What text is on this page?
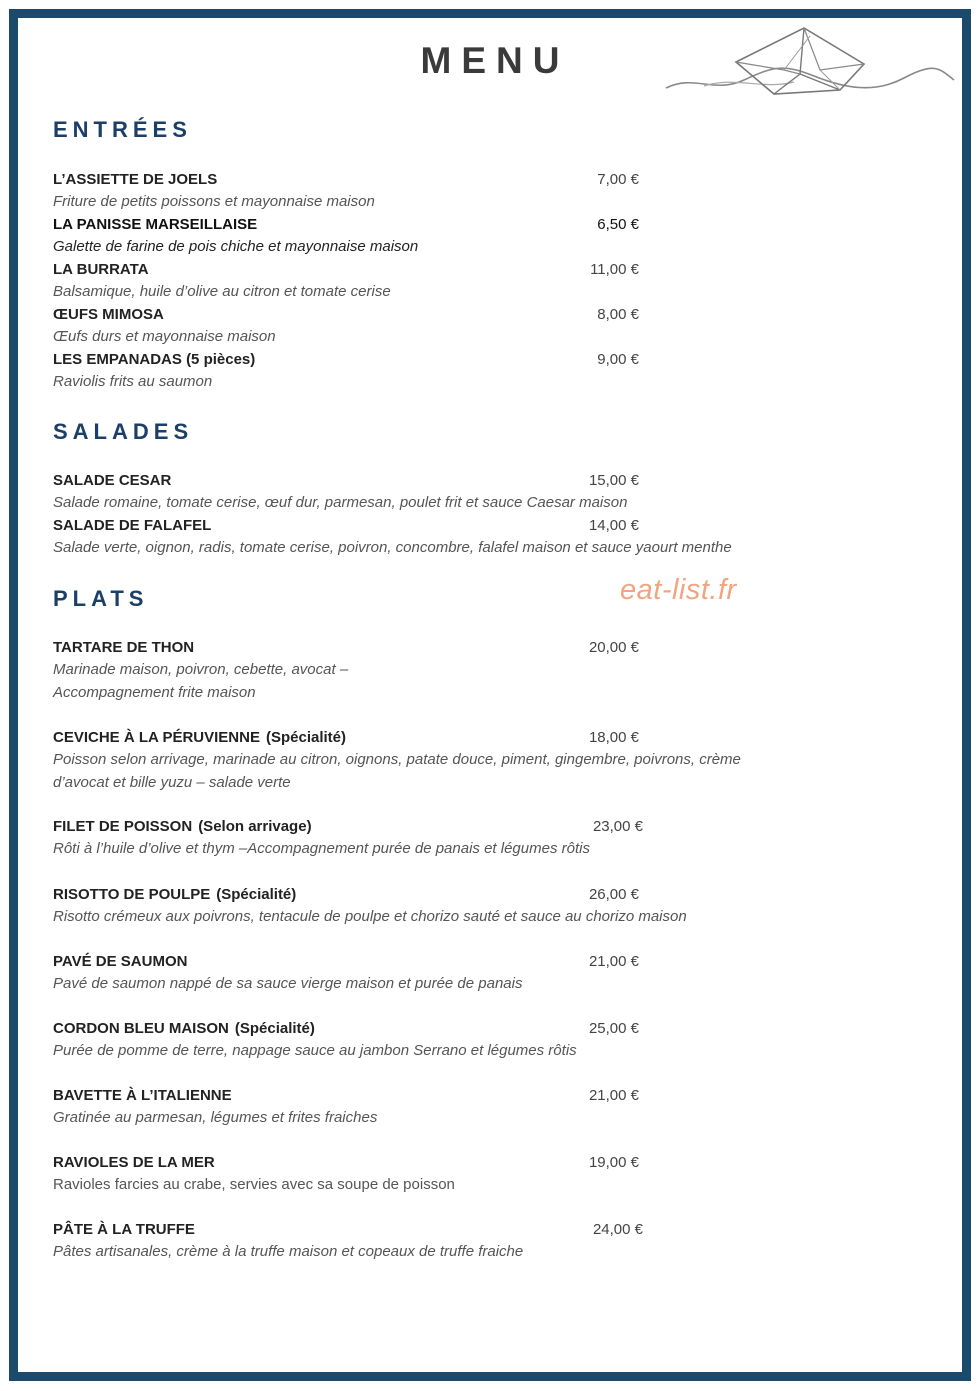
MENU
eat-list.fr
ENTRÉES
L’ASSIETTE DE JOELS	7,00 €
Friture de petits poissons et mayonnaise maison
LA PANISSE MARSEILLAISE	6,50 €
Galette de farine de pois chiche et mayonnaise maison
LA BURRATA	11,00 €
Balsamique, huile d’olive au citron et tomate cerise
ŒUFS MIMOSA	8,00 €
Œufs durs et mayonnaise maison
LES EMPANADAS (5 pièces)	9,00 €
Raviolis frits au saumon
SALADES
SALADE CESAR	15,00 €
Salade romaine, tomate cerise, œuf dur, parmesan, poulet frit et sauce Caesar maison
SALADE DE FALAFEL	14,00 €
Salade verte, oignon, radis, tomate cerise, poivron, concombre, falafel maison et sauce yaourt menthe
PLATS
TARTARE DE THON	20,00 €
Marinade maison, poivron, cebette, avocat –
Accompagnement frite maison
CEVICHE À LA PÉRUVIENNE (Spécialité)	18,00 €
Poisson selon arrivage, marinade au citron, oignons, patate douce, piment, gingembre, poivrons, crème
d’avocat et bille yuzu – salade verte
FILET DE POISSON (Selon arrivage)	23,00 €
Rôti à l’huile d’olive et thym –Accompagnement purée de panais et légumes rôtis
RISOTTO DE POULPE (Spécialité)	26,00 €
Risotto crémeux aux poivrons, tentacule de poulpe et chorizo sauté et sauce au chorizo maison
PAVÉ DE SAUMON	21,00 €
Pavé de saumon nappé de sa sauce vierge maison et purée de panais
CORDON BLEU MAISON (Spécialité)	25,00 €
Purée de pomme de terre, nappage sauce au jambon Serrano et légumes rôtis
BAVETTE À L’ITALIENNE	21,00 €
Gratinée au parmesan, légumes et frites fraiches
RAVIOLES DE LA MER	19,00 €
Ravioles farcies au crabe, servies avec sa soupe de poisson
PÂTE À LA TRUFFE	24,00 €
Pâtes artisanales, crème à la truffe maison et copeaux de truffe fraiche
